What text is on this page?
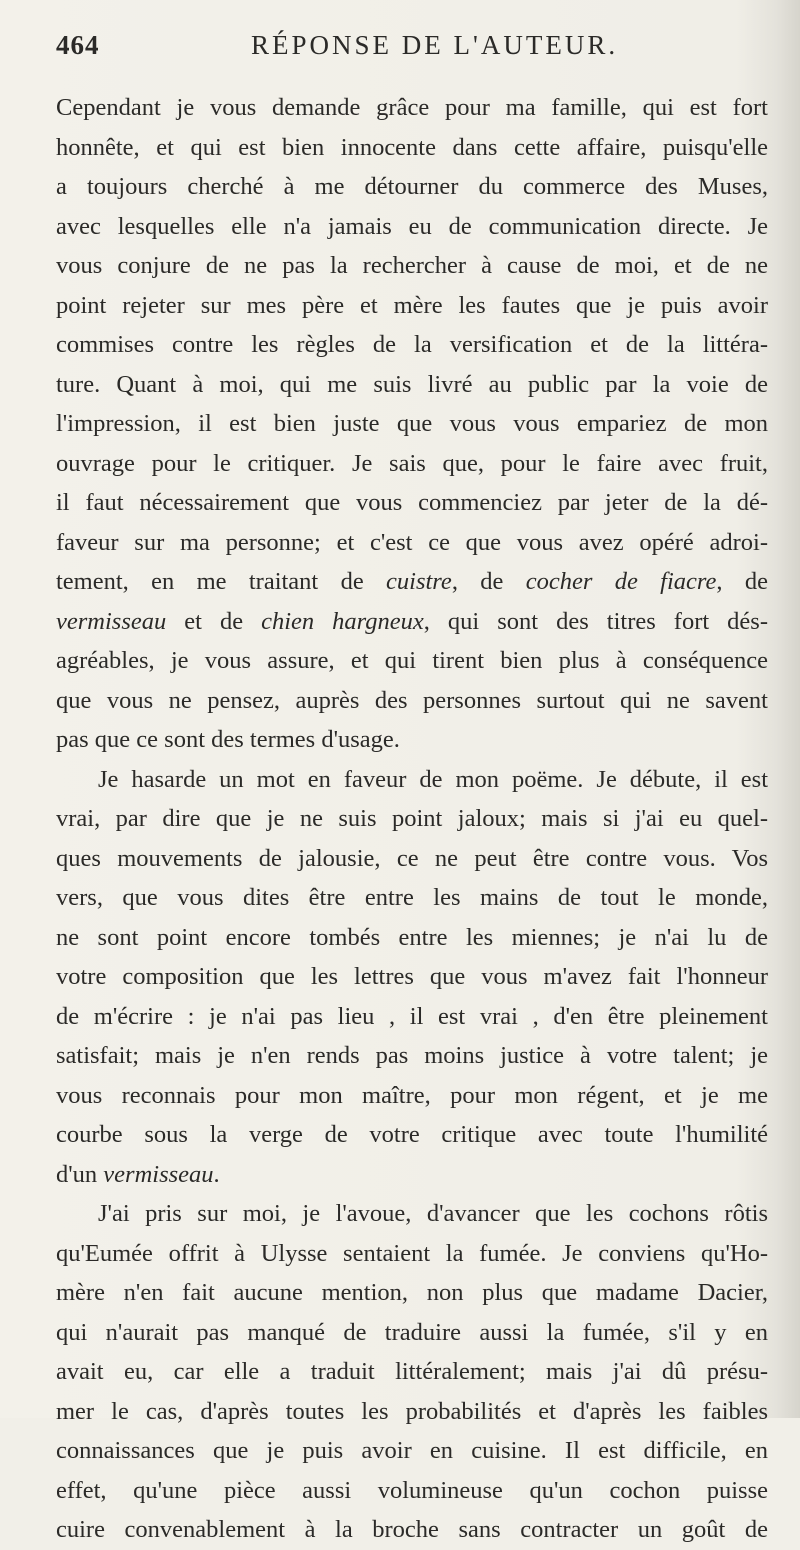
464	RÉPONSE DE L'AUTEUR.
Cependant je vous demande grâce pour ma famille, qui est fort
honnête, et qui est bien innocente dans cette affaire, puisqu'elle
a toujours cherché à me détourner du commerce des Muses,
avec lesquelles elle n'a jamais eu de communication directe. Je
vous conjure de ne pas la rechercher à cause de moi, et de ne
point rejeter sur mes père et mère les fautes que je puis avoir
commises contre les règles de la versification et de la littéra-
ture. Quant à moi, qui me suis livré au public par la voie de
l'impression, il est bien juste que vous vous empariez de mon
ouvrage pour le critiquer. Je sais que, pour le faire avec fruit,
il faut nécessairement que vous commenciez par jeter de la dé-
faveur sur ma personne; et c'est ce que vous avez opéré adroi-
tement, en me traitant de cuistre, de cocher de fiacre, de
vermisseau et de chien hargneux, qui sont des titres fort dés-
agréables, je vous assure, et qui tirent bien plus à conséquence
que vous ne pensez, auprès des personnes surtout qui ne savent
pas que ce sont des termes d'usage.
Je hasarde un mot en faveur de mon poëme. Je débute, il est
vrai, par dire que je ne suis point jaloux; mais si j'ai eu quel-
ques mouvements de jalousie, ce ne peut être contre vous. Vos
vers, que vous dites être entre les mains de tout le monde,
ne sont point encore tombés entre les miennes; je n'ai lu de
votre composition que les lettres que vous m'avez fait l'honneur
de m'écrire : je n'ai pas lieu , il est vrai , d'en être pleinement
satisfait; mais je n'en rends pas moins justice à votre talent; je
vous reconnais pour mon maître, pour mon régent, et je me
courbe sous la verge de votre critique avec toute l'humilité
d'un vermisseau.
J'ai pris sur moi, je l'avoue, d'avancer que les cochons rôtis
qu'Eumée offrit à Ulysse sentaient la fumée. Je conviens qu'Ho-
mère n'en fait aucune mention, non plus que madame Dacier,
qui n'aurait pas manqué de traduire aussi la fumée, s'il y en
avait eu, car elle a traduit littéralement; mais j'ai dû présu-
mer le cas, d'après toutes les probabilités et d'après les faibles
connaissances que je puis avoir en cuisine. Il est difficile, en
effet, qu'une pièce aussi volumineuse qu'un cochon puisse
cuire convenablement à la broche sans contracter un goût de
